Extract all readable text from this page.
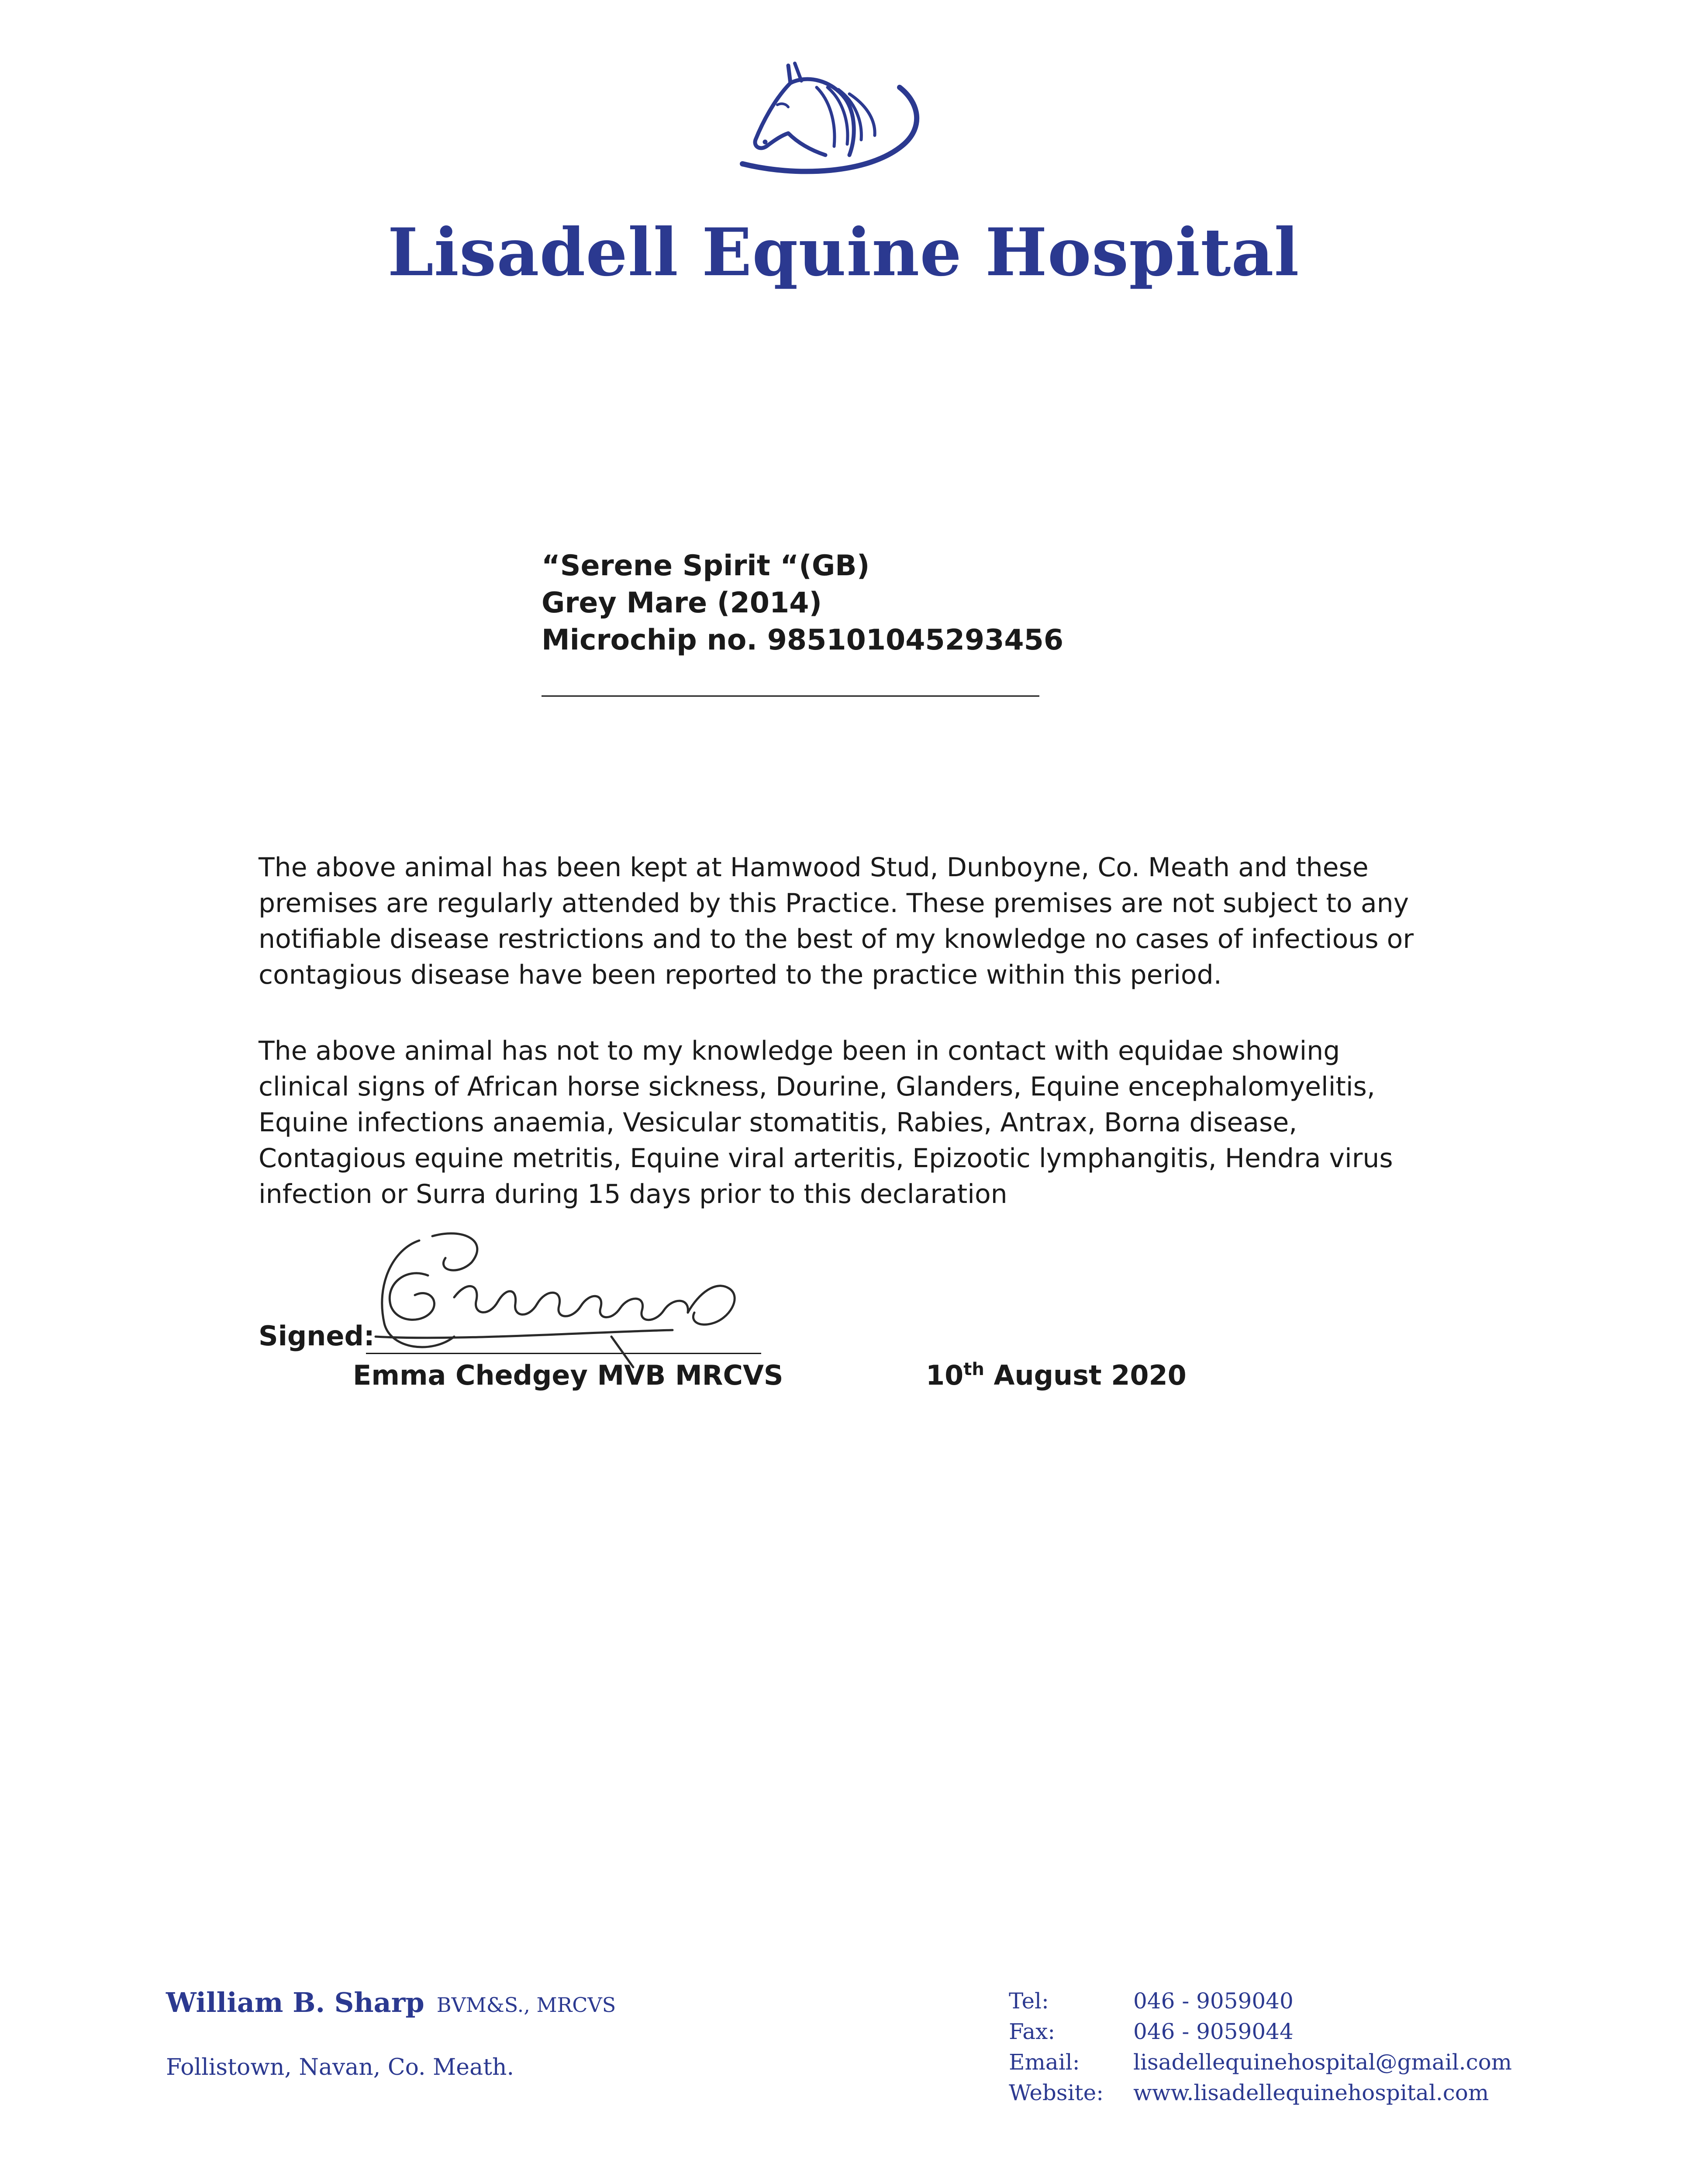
Lisadell Equine Hospital
“Serene Spirit “(GB)
Grey Mare (2014)
Microchip no. 985101045293456
The above animal has been kept at Hamwood Stud, Dunboyne, Co. Meath and these
premises are regularly attended by this Practice. These premises are not subject to any
notifiable disease restrictions and to the best of my knowledge no cases of infectious or
contagious disease have been reported to the practice within this period.
The above animal has not to my knowledge been in contact with equidae showing
clinical signs of African horse sickness, Dourine, Glanders, Equine encephalomyelitis,
Equine infections anaemia, Vesicular stomatitis, Rabies, Antrax, Borna disease,
Contagious equine metritis, Equine viral arteritis, Epizootic lymphangitis, Hendra virus
infection or Surra during 15 days prior to this declaration
Signed:
Emma Chedgey MVB MRCVS	10th August 2020
William B. Sharp BVM&S., MRCVS
Follistown, Navan, Co. Meath.
Tel:	046 - 9059040
Fax:	046 - 9059044
Email: lisadellequinehospital@gmail.com
Website: www.lisadellequinehospital.com
